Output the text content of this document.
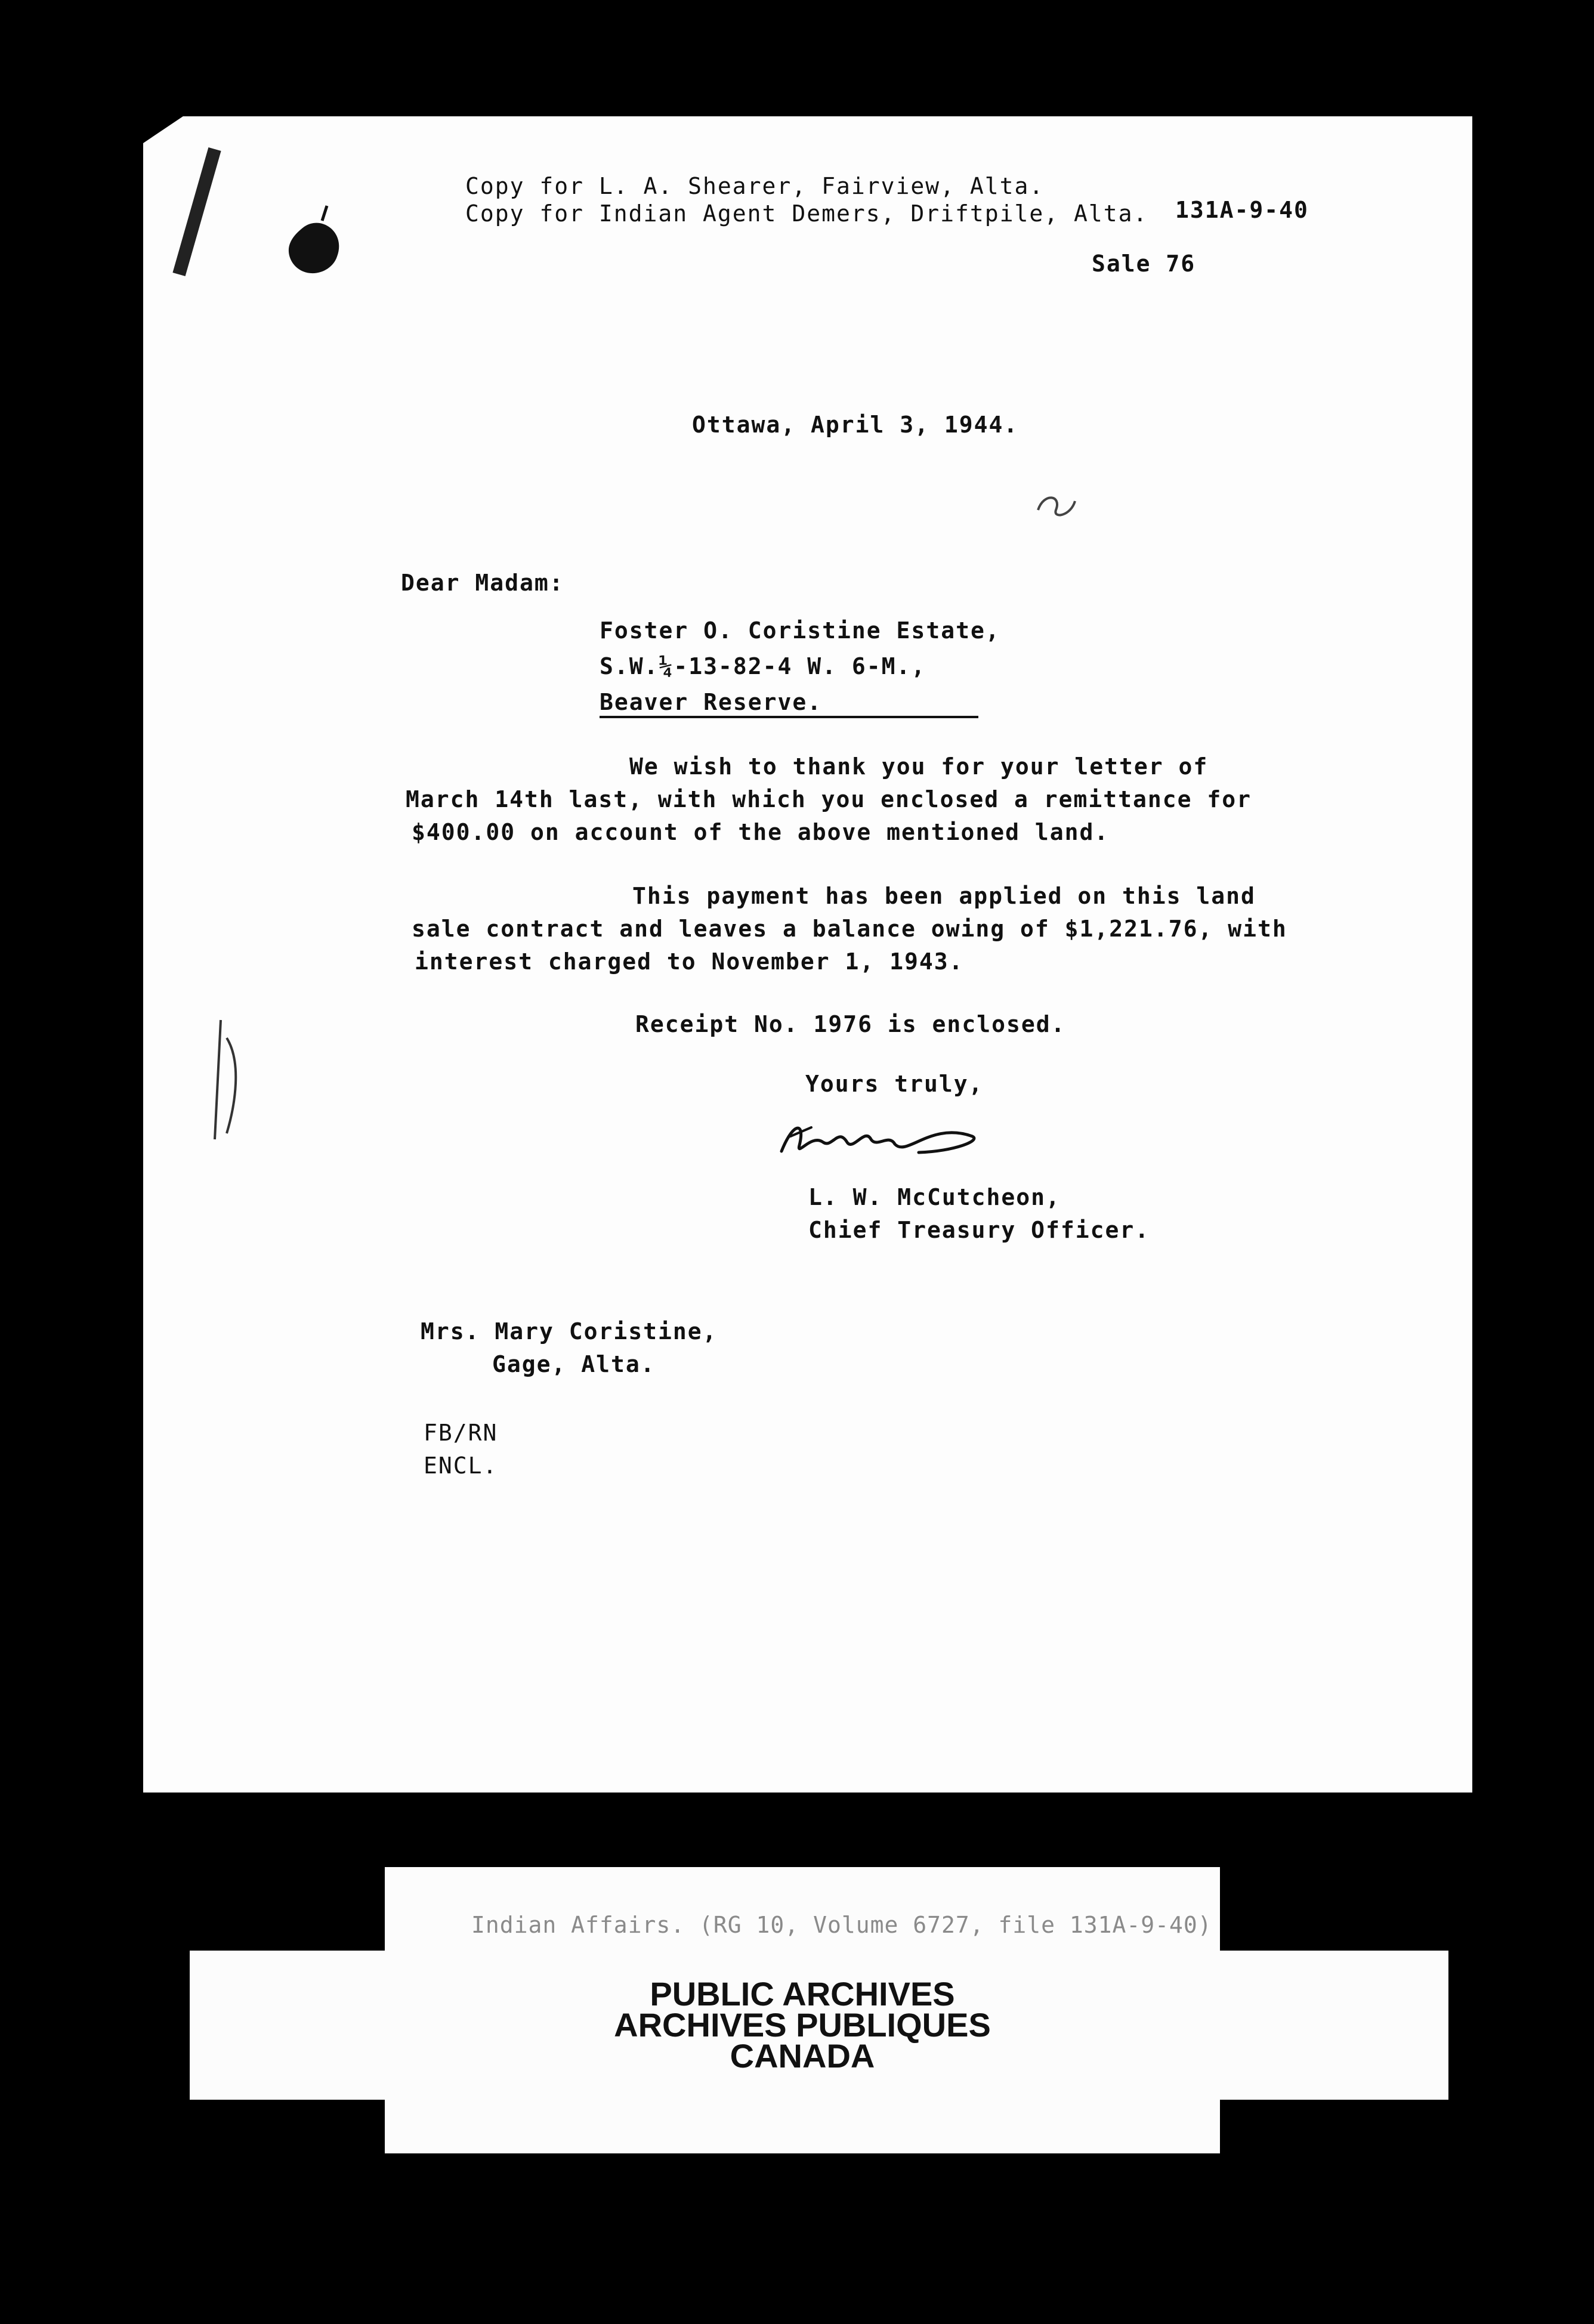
Copy for L. A. Shearer, Fairview, Alta.
Copy for Indian Agent Demers, Driftpile, Alta. 131A-9-40
Sale 76
Ottawa, April 3, 1944.
Dear Madam:
Foster O. Coristine Estate,
S.W.¼-13-82-4 W. 6-M.,
Beaver Reserve.
We wish to thank you for your letter of
March 14th last, with which you enclosed a remittance for
$400.00 on account of the above mentioned land.
This payment has been applied on this land
sale contract and leaves a balance owing of $1,221.76, with
interest charged to November 1, 1943.
Receipt No. 1976 is enclosed.
Yours truly,
L. W. McCutcheon,
Chief Treasury Officer.
Mrs. Mary Coristine,
Gage, Alta.
FB/RN
ENCL.
Indian Affairs. (RG 10, Volume 6727, file 131A-9-40)
PUBLIC ARCHIVES
ARCHIVES PUBLIQUES
CANADA
